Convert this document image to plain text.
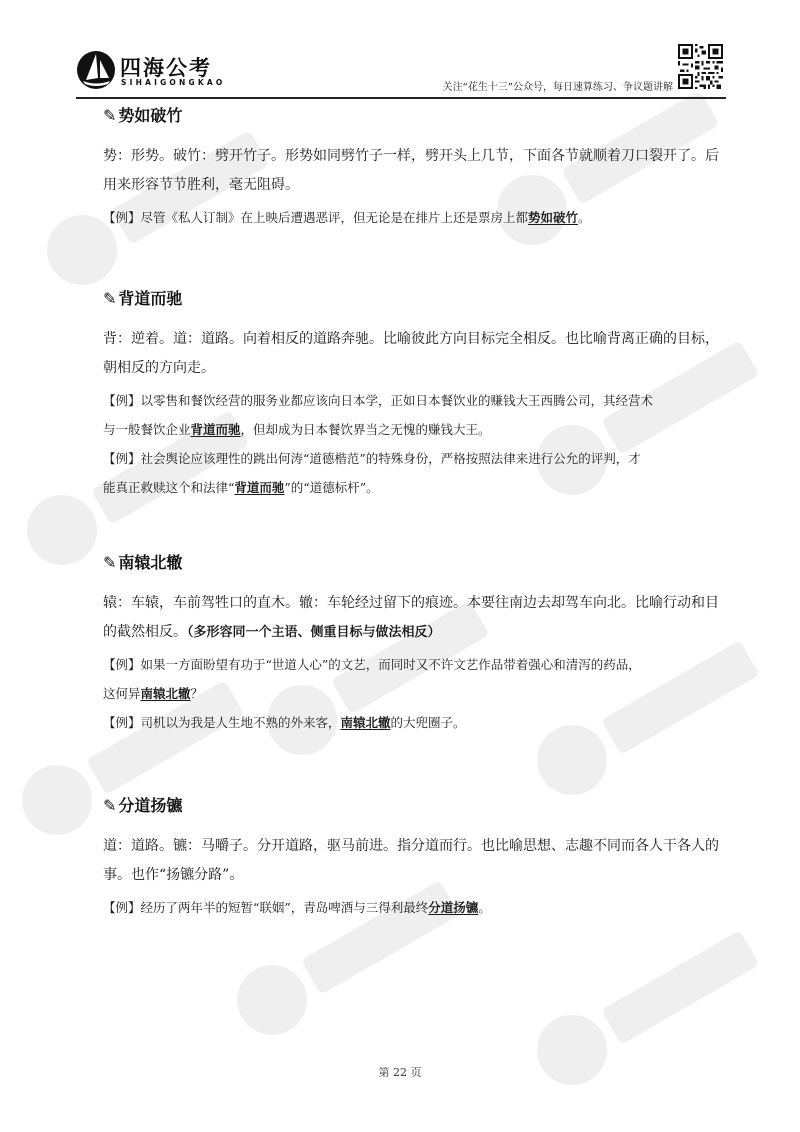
四海公考
SIHAIGONGKAO	关注“花生十三”公众号，每日速算练习、争议题讲解
✎ 势如破竹

势：形势。破竹：劈开竹子。形势如同劈竹子一样，劈开头上几节，下面各节就顺着刀口裂开了。后
用来形容节节胜利，毫无阻碍。

【例】尽管《私人订制》在上映后遭遇恶评，但无论是在排片上还是票房上都势如破竹。

✎ 背道而驰

背：逆着。道：道路。向着相反的道路奔驰。比喻彼此方向目标完全相反。也比喻背离正确的目标，
朝相反的方向走。

【例】以零售和餐饮经营的服务业都应该向日本学，正如日本餐饮业的赚钱大王西腾公司，其经营术
与一般餐饮企业背道而驰，但却成为日本餐饮界当之无愧的赚钱大王。

【例】社会舆论应该理性的跳出何涛“道德楷范”的特殊身份，严格按照法律来进行公允的评判，才
能真正救赎这个和法律“背道而驰”的“道德标杆”。

✎ 南辕北辙

辕：车辕，车前驾牲口的直木。辙：车轮经过留下的痕迹。本要往南边去却驾车向北。比喻行动和目
的截然相反。（多形容同一个主语、侧重目标与做法相反）

【例】如果一方面盼望有功于“世道人心”的文艺，而同时又不许文艺作品带着强心和清泻的药品，
这何异南辕北辙？

【例】司机以为我是人生地不熟的外来客，南辕北辙的大兜圈子。

✎ 分道扬镳

道：道路。镳：马嚼子。分开道路，驱马前进。指分道而行。也比喻思想、志趣不同而各人干各人的
事。也作“扬镳分路”。

【例】经历了两年半的短暂“联姻”，青岛啤酒与三得利最终分道扬镳。

第 22 页
